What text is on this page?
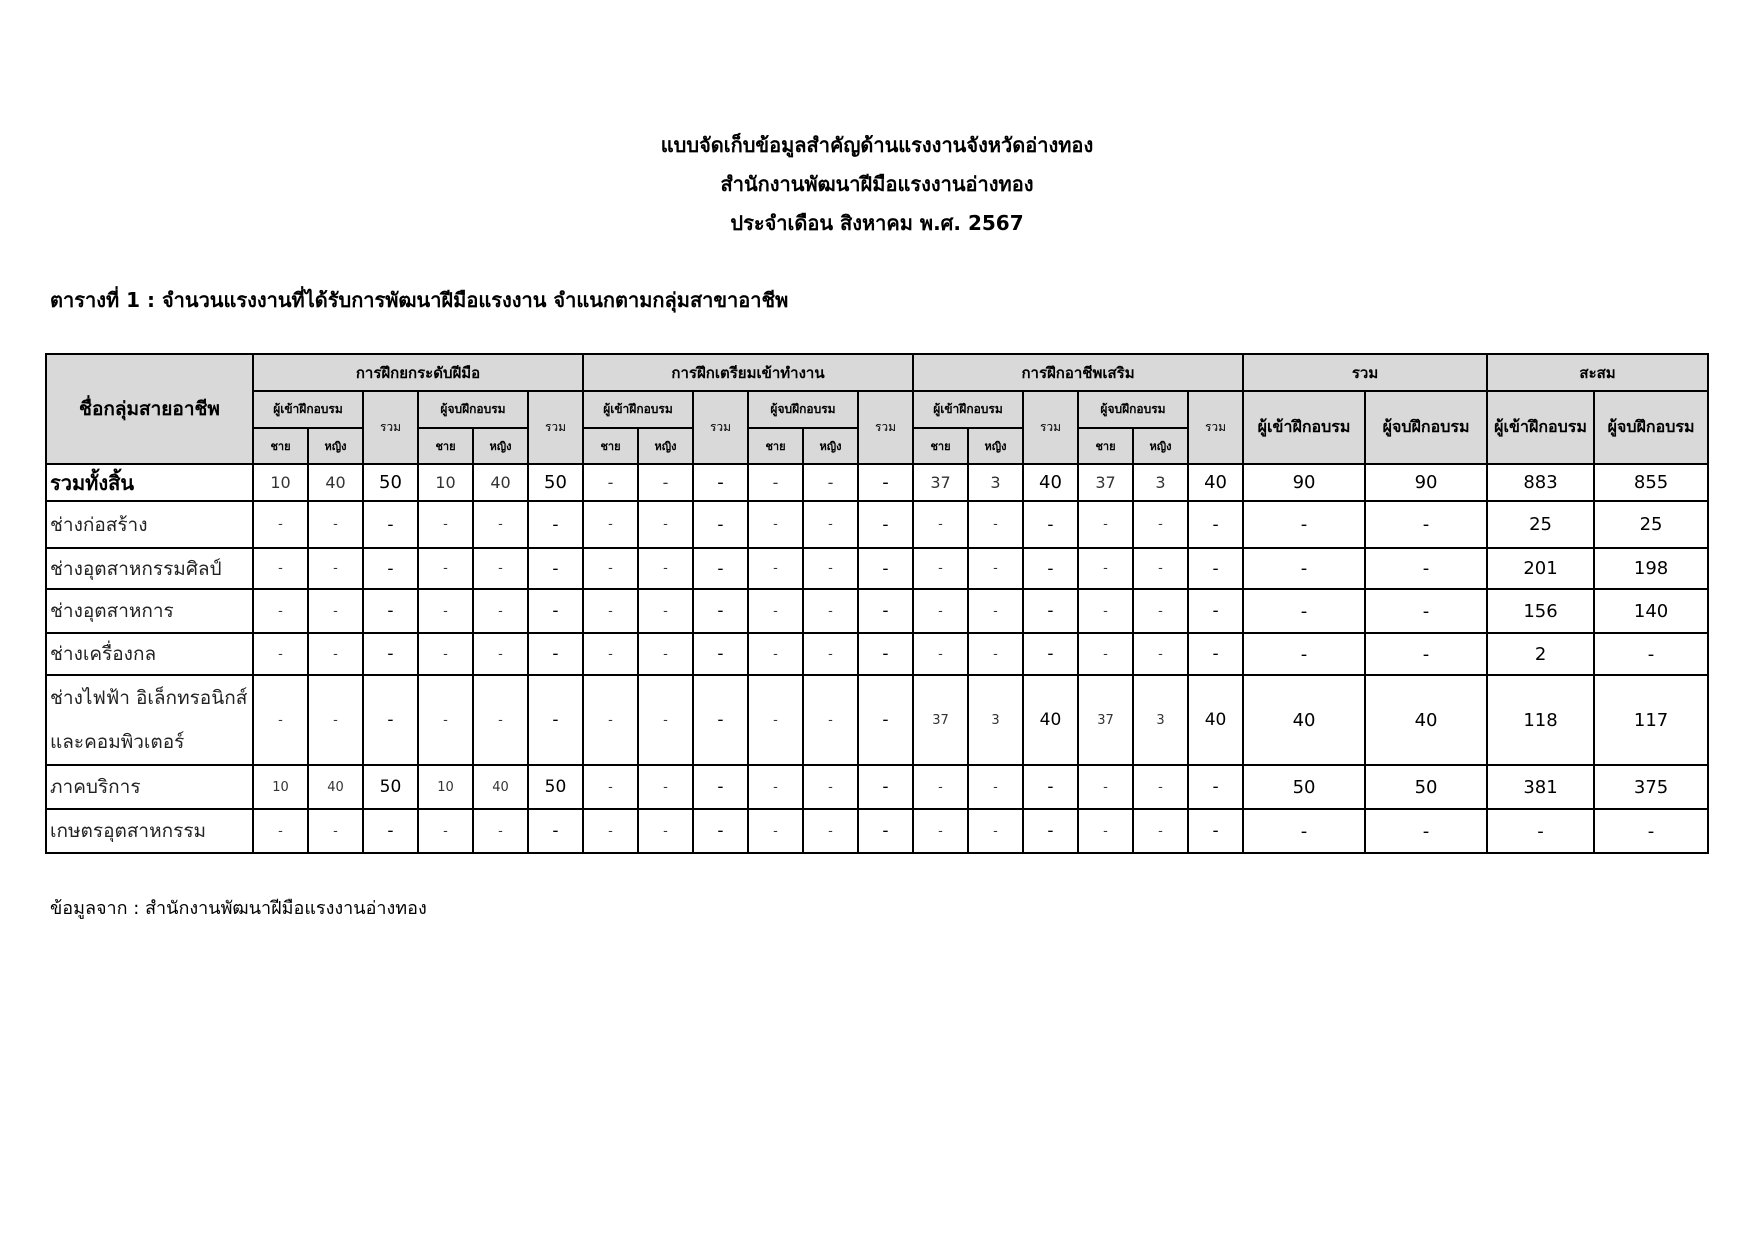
แบบจัดเก็บข้อมูลสำคัญด้านแรงงานจังหวัดอ่างทอง
สำนักงานพัฒนาฝีมือแรงงานอ่างทอง
ประจำเดือน สิงหาคม พ.ศ. 2567
ตารางที่ 1 : จำนวนแรงงานที่ได้รับการพัฒนาฝีมือแรงงาน จำแนกตามกลุ่มสาขาอาชีพ
ชื่อกลุ่มสายอาชีพ	การฝึกยกระดับฝีมือ						การฝึกเตรียมเข้าทำงาน						การฝึกอาชีพเสริม						รวม		สะสม	
	ผู้เข้าฝึกอบรม		รวม	ผู้จบฝึกอบรม		รวม	ผู้เข้าฝึกอบรม		รวม	ผู้จบฝึกอบรม		รวม	ผู้เข้าฝึกอบรม		รวม	ผู้จบฝึกอบรม		รวม	ผู้เข้าฝึกอบรม	ผู้จบฝึกอบรม	ผู้เข้าฝึกอบรม	ผู้จบฝึกอบรม
	ชาย	หญิง		ชาย	หญิง		ชาย	หญิง		ชาย	หญิง		ชาย	หญิง		ชาย	หญิง					
รวมทั้งสิ้น	10	40	50	10	40	50	-	-	-	-	-	-	37	3	40	37	3	40	90	90	883	855
ช่างก่อสร้าง	-	-	-	-	-	-	-	-	-	-	-	-	-	-	-	-	-	-	-	-	25	25
ช่างอุตสาหกรรมศิลป์	-	-	-	-	-	-	-	-	-	-	-	-	-	-	-	-	-	-	-	-	201	198
ช่างอุตสาหการ	-	-	-	-	-	-	-	-	-	-	-	-	-	-	-	-	-	-	-	-	156	140
ช่างเครื่องกล	-	-	-	-	-	-	-	-	-	-	-	-	-	-	-	-	-	-	-	-	2	-
ช่างไฟฟ้า อิเล็กทรอนิกส์และคอมพิวเตอร์	-	-	-	-	-	-	-	-	-	-	-	-	37	3	40	37	3	40	40	40	118	117
ภาคบริการ	10	40	50	10	40	50	-	-	-	-	-	-	-	-	-	-	-	-	50	50	381	375
เกษตรอุตสาหกรรม	-	-	-	-	-	-	-	-	-	-	-	-	-	-	-	-	-	-	-	-	-	-
ข้อมูลจาก : สำนักงานพัฒนาฝีมือแรงงานอ่างทอง
